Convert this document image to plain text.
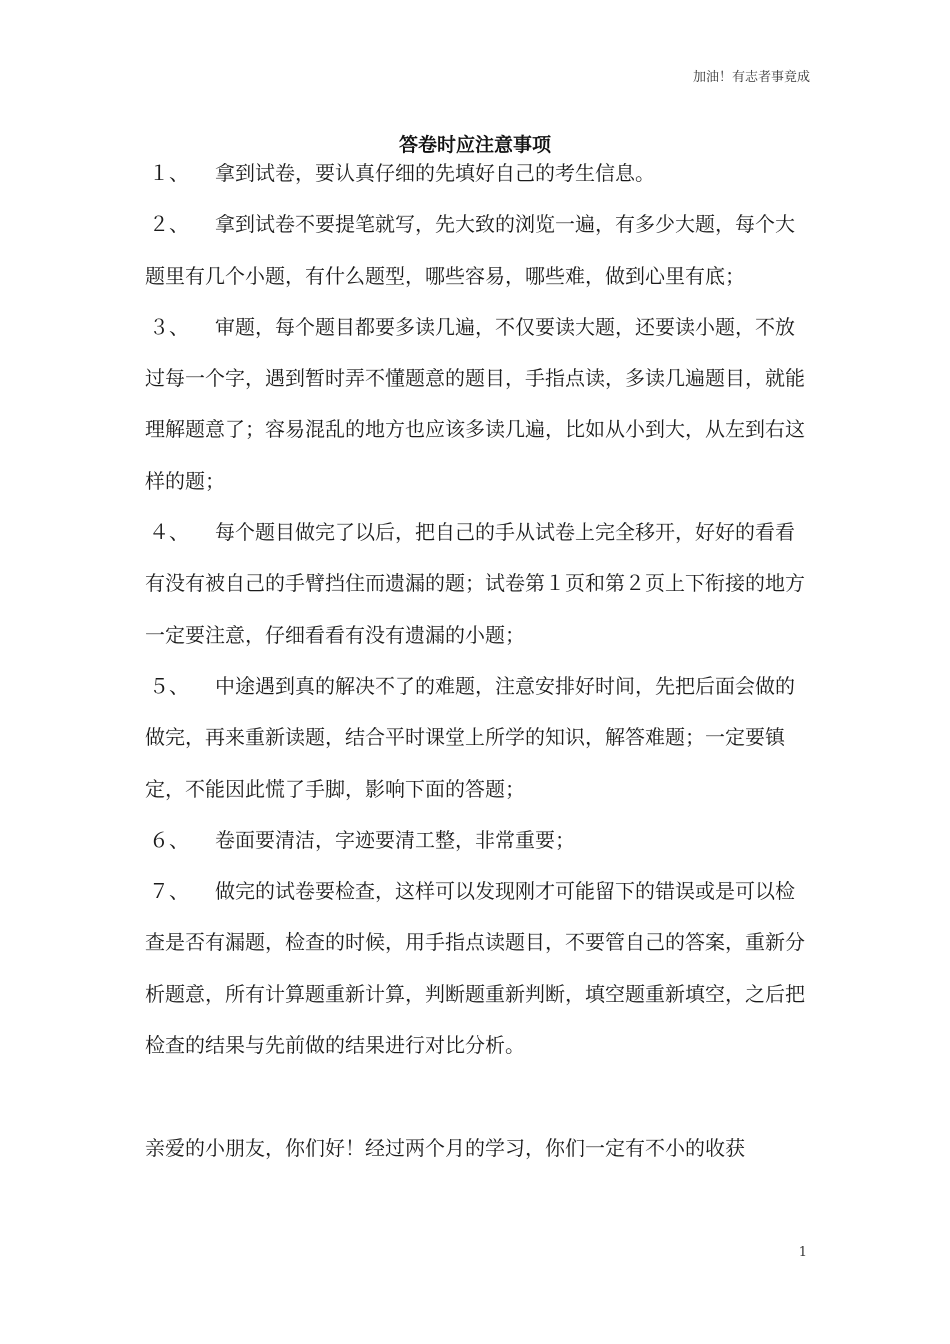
加油！有志者事竟成
答卷时应注意事项

１、 拿到试卷，要认真仔细的先填好自己的考生信息。

２、 拿到试卷不要提笔就写，先大致的浏览一遍，有多少大题，每个大题里有几个小题，有什么题型，哪些容易，哪些难，做到心里有底；

３、 审题，每个题目都要多读几遍，不仅要读大题，还要读小题，不放过每一个字，遇到暂时弄不懂题意的题目，手指点读，多读几遍题目，就能理解题意了；容易混乱的地方也应该多读几遍，比如从小到大，从左到右这样的题；

４、 每个题目做完了以后，把自己的手从试卷上完全移开，好好的看看有没有被自己的手臂挡住而遗漏的题；试卷第１页和第２页上下衔接的地方一定要注意，仔细看看有没有遗漏的小题；

５、 中途遇到真的解决不了的难题，注意安排好时间，先把后面会做的做完，再来重新读题，结合平时课堂上所学的知识，解答难题；一定要镇定，不能因此慌了手脚，影响下面的答题；

６、 卷面要清洁，字迹要清工整，非常重要；

７、 做完的试卷要检查，这样可以发现刚才可能留下的错误或是可以检查是否有漏题，检查的时候，用手指点读题目，不要管自己的答案，重新分析题意，所有计算题重新计算，判断题重新判断，填空题重新填空，之后把检查的结果与先前做的结果进行对比分析。

亲爱的小朋友，你们好！经过两个月的学习，你们一定有不小的收获

1
